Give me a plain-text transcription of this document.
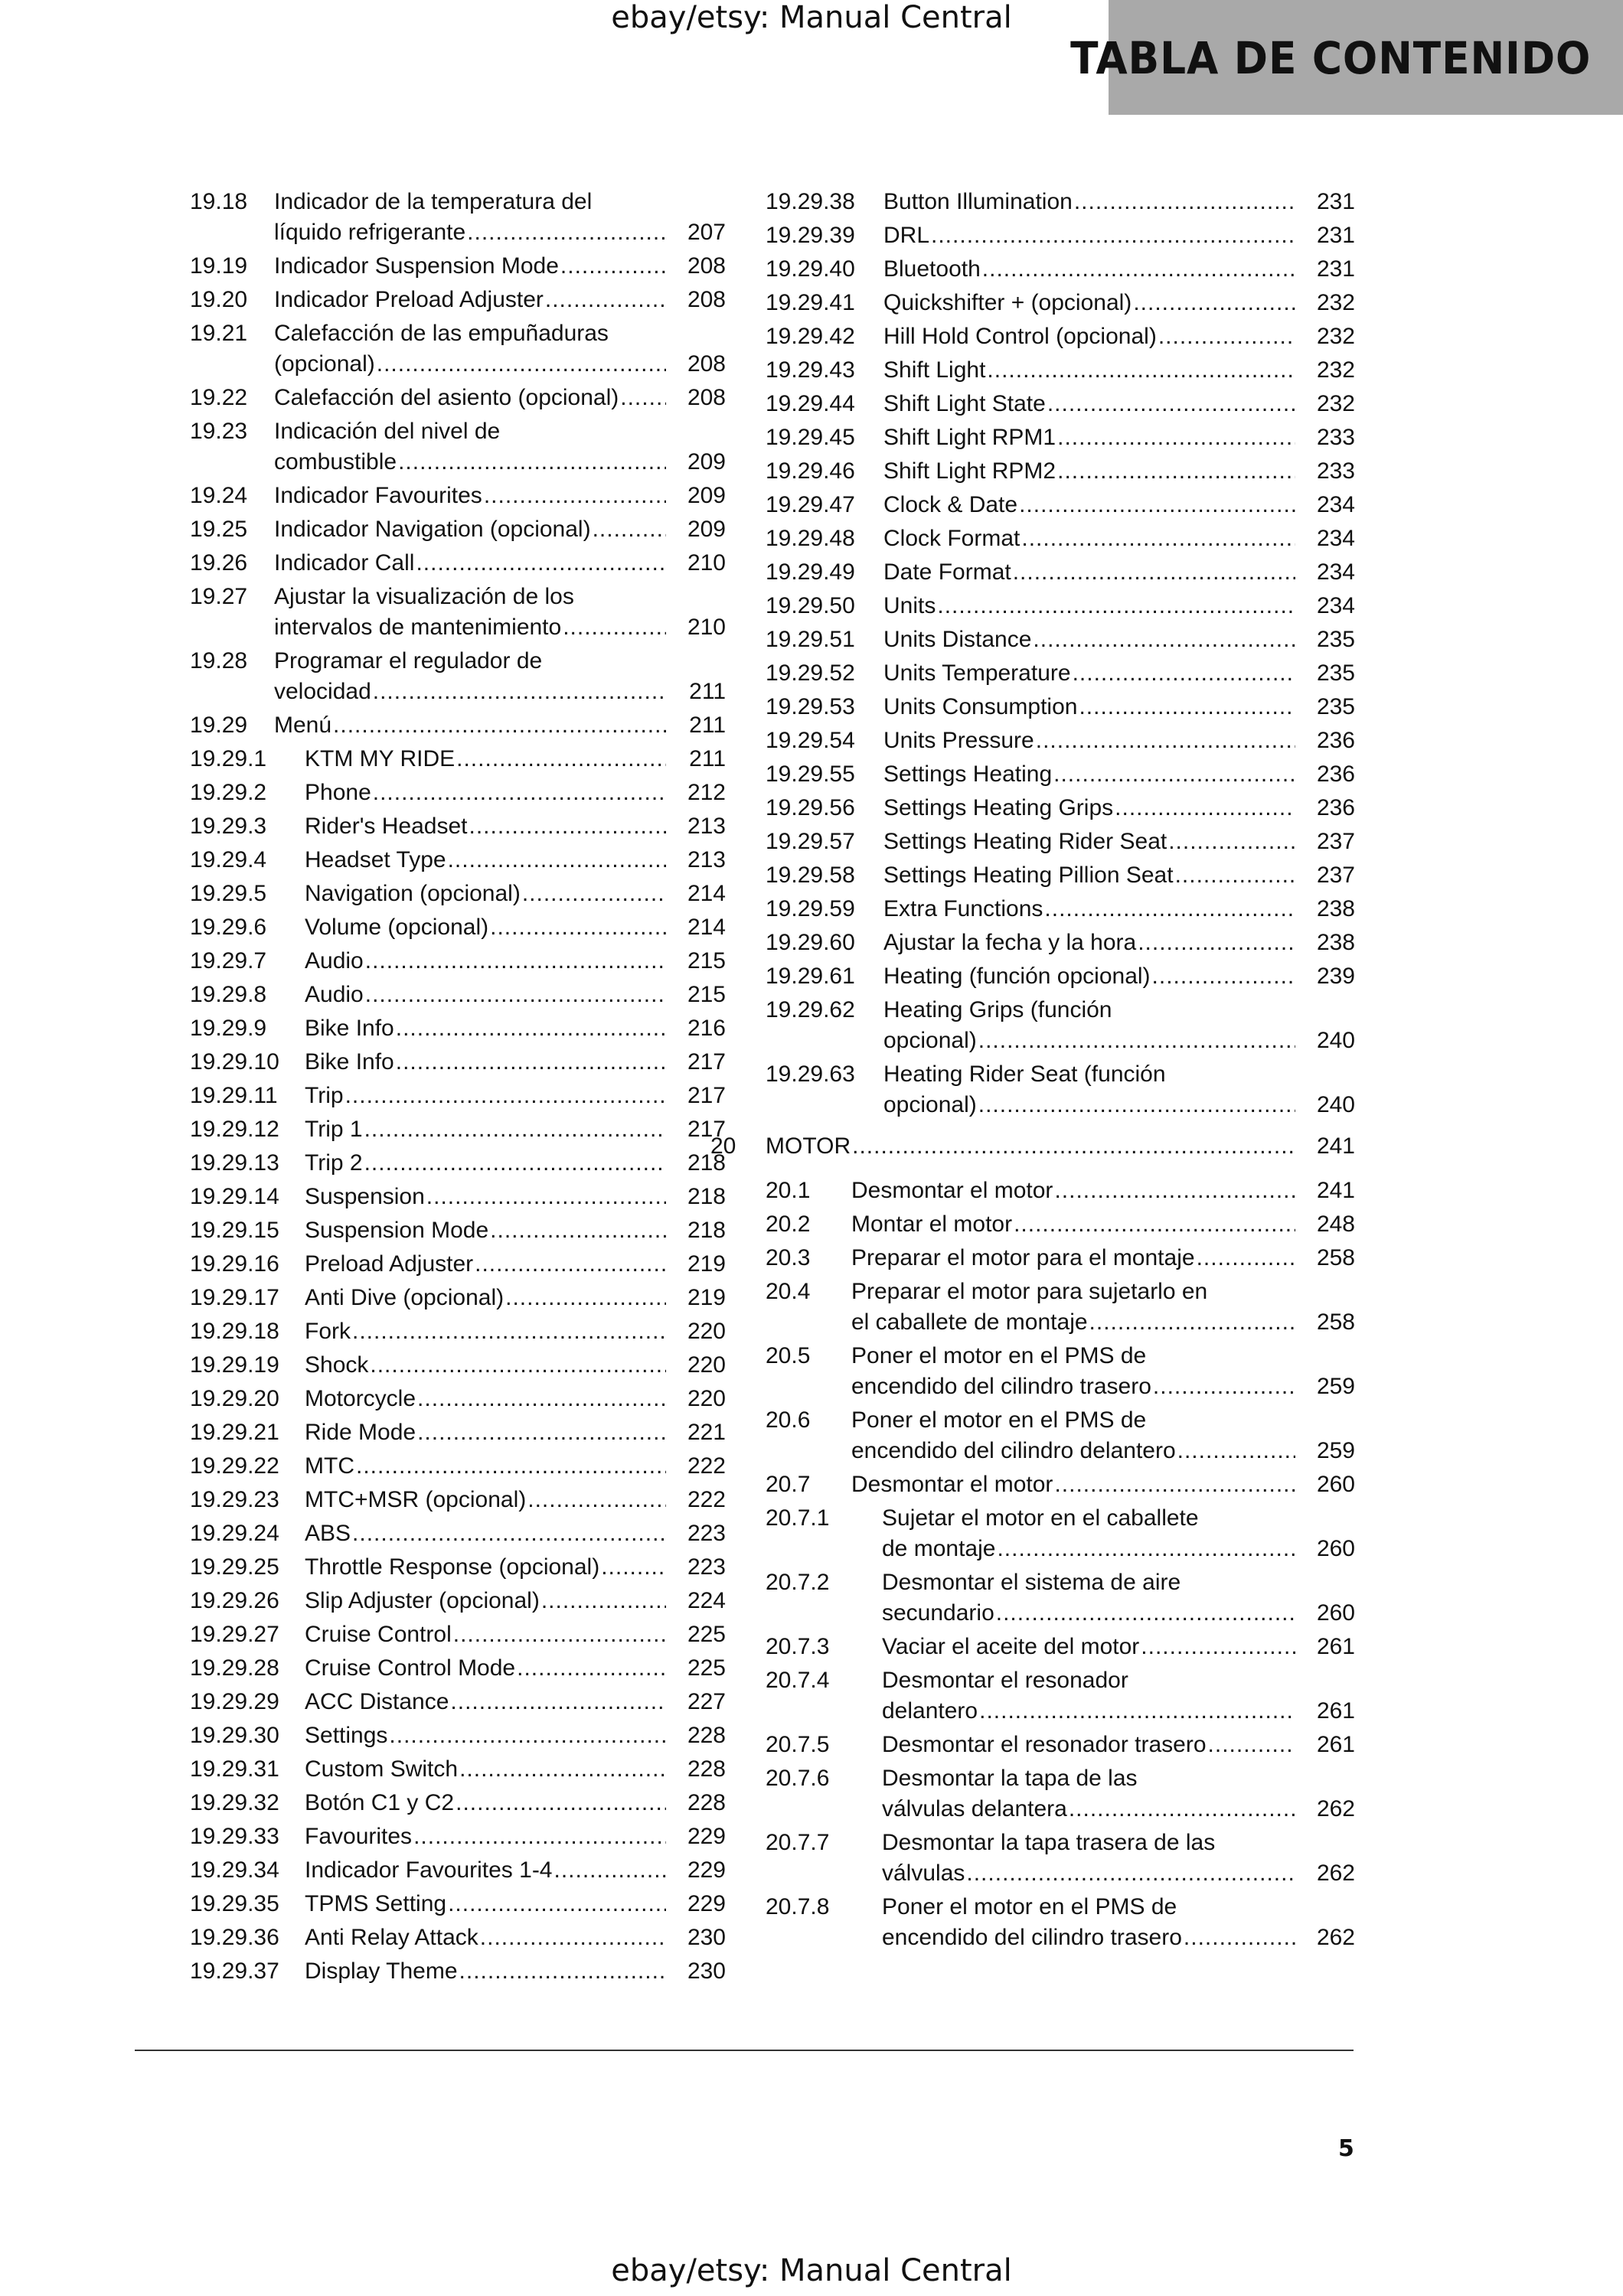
ebay/etsy: Manual Central
TABLA DE CONTENIDO
19.18	Indicador de la temperatura del
líquido refrigerante .....	207
19.19	Indicador Suspension Mode .....	208
19.20	Indicador Preload Adjuster .....	208
19.21	Calefacción de las empuñaduras
(opcional) .....	208
19.22	Calefacción del asiento (opcional) .....	208
19.23	Indicación del nivel de
combustible .....	209
19.24	Indicador Favourites .....	209
19.25	Indicador Navigation (opcional) .....	209
19.26	Indicador Call .....	210
19.27	Ajustar la visualización de los
intervalos de mantenimiento .....	210
19.28	Programar el regulador de
velocidad .....	211
19.29	Menú .....	211
19.29.1	KTM MY RIDE .....	211
19.29.2	Phone .....	212
19.29.3	Rider's Headset .....	213
19.29.4	Headset Type .....	213
19.29.5	Navigation (opcional) .....	214
19.29.6	Volume (opcional) .....	214
19.29.7	Audio .....	215
19.29.8	Audio .....	215
19.29.9	Bike Info .....	216
19.29.10	Bike Info .....	217
19.29.11	Trip .....	217
19.29.12	Trip 1 .....	217
19.29.13	Trip 2 .....	218
19.29.14	Suspension .....	218
19.29.15	Suspension Mode .....	218
19.29.16	Preload Adjuster .....	219
19.29.17	Anti Dive (opcional) .....	219
19.29.18	Fork .....	220
19.29.19	Shock .....	220
19.29.20	Motorcycle .....	220
19.29.21	Ride Mode .....	221
19.29.22	MTC .....	222
19.29.23	MTC+MSR (opcional) .....	222
19.29.24	ABS .....	223
19.29.25	Throttle Response (opcional) .....	223
19.29.26	Slip Adjuster (opcional) .....	224
19.29.27	Cruise Control .....	225
19.29.28	Cruise Control Mode .....	225
19.29.29	ACC Distance .....	227
19.29.30	Settings .....	228
19.29.31	Custom Switch .....	228
19.29.32	Botón C1 y C2 .....	228
19.29.33	Favourites .....	229
19.29.34	Indicador Favourites 1-4 .....	229
19.29.35	TPMS Setting .....	229
19.29.36	Anti Relay Attack .....	230
19.29.37	Display Theme .....	230
19.29.38	Button Illumination .....	231
19.29.39	DRL .....	231
19.29.40	Bluetooth .....	231
19.29.41	Quickshifter + (opcional) .....	232
19.29.42	Hill Hold Control (opcional) .....	232
19.29.43	Shift Light .....	232
19.29.44	Shift Light State .....	232
19.29.45	Shift Light RPM1 .....	233
19.29.46	Shift Light RPM2 .....	233
19.29.47	Clock & Date .....	234
19.29.48	Clock Format .....	234
19.29.49	Date Format .....	234
19.29.50	Units .....	234
19.29.51	Units Distance .....	235
19.29.52	Units Temperature .....	235
19.29.53	Units Consumption .....	235
19.29.54	Units Pressure .....	236
19.29.55	Settings Heating .....	236
19.29.56	Settings Heating Grips .....	236
19.29.57	Settings Heating Rider Seat .....	237
19.29.58	Settings Heating Pillion Seat .....	237
19.29.59	Extra Functions .....	238
19.29.60	Ajustar la fecha y la hora .....	238
19.29.61	Heating (función opcional) .....	239
19.29.62	Heating Grips (función
opcional) .....	240
19.29.63	Heating Rider Seat (función
opcional) .....	240
20	MOTOR .....	241
20.1	Desmontar el motor .....	241
20.2	Montar el motor .....	248
20.3	Preparar el motor para el montaje .....	258
20.4	Preparar el motor para sujetarlo en
el caballete de montaje .....	258
20.5	Poner el motor en el PMS de
encendido del cilindro trasero .....	259
20.6	Poner el motor en el PMS de
encendido del cilindro delantero .....	259
20.7	Desmontar el motor .....	260
20.7.1	Sujetar el motor en el caballete
de montaje .....	260
20.7.2	Desmontar el sistema de aire
secundario .....	260
20.7.3	Vaciar el aceite del motor .....	261
20.7.4	Desmontar el resonador
delantero .....	261
20.7.5	Desmontar el resonador trasero .....	261
20.7.6	Desmontar la tapa de las
válvulas delantera .....	262
20.7.7	Desmontar la tapa trasera de las
válvulas .....	262
20.7.8	Poner el motor en el PMS de
encendido del cilindro trasero .....	262
5
ebay/etsy: Manual Central
